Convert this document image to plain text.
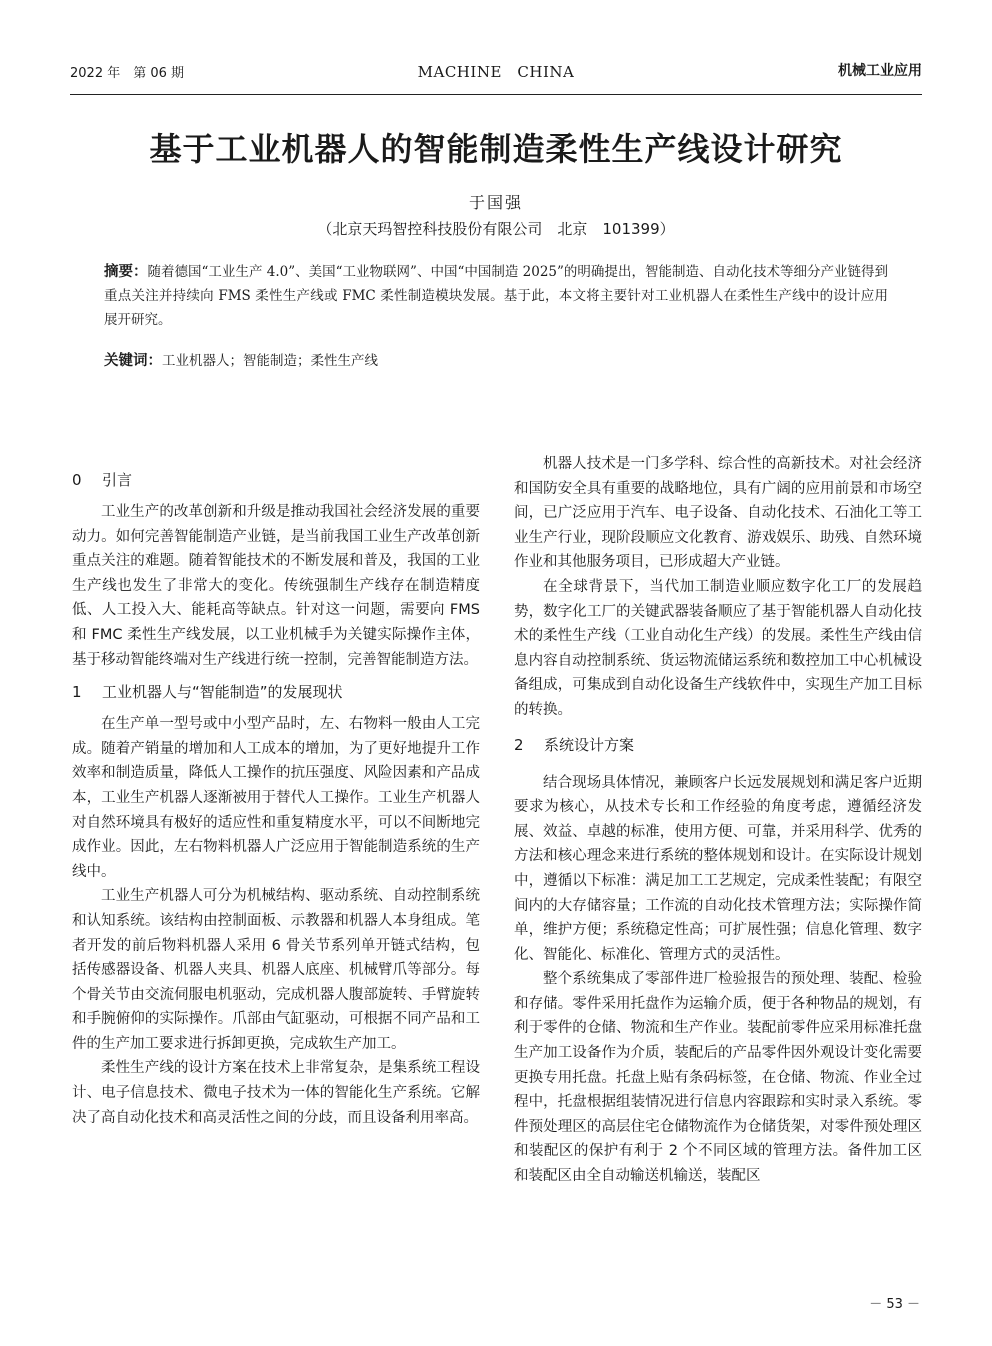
2022 年　第 06 期	MACHINE　CHINA	机械工业应用
基于工业机器人的智能制造柔性生产线设计研究
于国强
（北京天玛智控科技股份有限公司　北京　101399）
摘要：随着德国“工业生产 4.0”、美国“工业物联网”、中国“中国制造 2025”的明确提出，智能制造、自动化技术等细分产业链得到重点关注并持续向 FMS 柔性生产线或 FMC 柔性制造模块发展。基于此，本文将主要针对工业机器人在柔性生产线中的设计应用展开研究。
关键词：工业机器人；智能制造；柔性生产线
0 引言

工业生产的改革创新和升级是推动我国社会经济发展的重要动力。如何完善智能制造产业链，是当前我国工业生产改革创新重点关注的难题。随着智能技术的不断发展和普及，我国的工业生产线也发生了非常大的变化。传统强制生产线存在制造精度低、人工投入大、能耗高等缺点。针对这一问题，需要向 FMS 和 FMC 柔性生产线发展，以工业机械手为关键实际操作主体，基于移动智能终端对生产线进行统一控制，完善智能制造方法。

1 工业机器人与“智能制造”的发展现状

在生产单一型号或中小型产品时，左、右物料一般由人工完成。随着产销量的增加和人工成本的增加，为了更好地提升工作效率和制造质量，降低人工操作的抗压强度、风险因素和产品成本，工业生产机器人逐渐被用于替代人工操作。工业生产机器人对自然环境具有极好的适应性和重复精度水平，可以不间断地完成作业。因此，左右物料机器人广泛应用于智能制造系统的生产线中。

工业生产机器人可分为机械结构、驱动系统、自动控制系统和认知系统。该结构由控制面板、示教器和机器人本身组成。笔者开发的前后物料机器人采用 6 骨关节系列单开链式结构，包括传感器设备、机器人夹具、机器人底座、机械臂爪等部分。每个骨关节由交流伺服电机驱动，完成机器人腹部旋转、手臂旋转和手腕俯仰的实际操作。爪部由气缸驱动，可根据不同产品和工件的生产加工要求进行拆卸更换，完成软生产加工。

柔性生产线的设计方案在技术上非常复杂，是集系统工程设计、电子信息技术、微电子技术为一体的智能化生产系统。它解决了高自动化技术和高灵活性之间的分歧，而且设备利用率高。

机器人技术是一门多学科、综合性的高新技术。对社会经济和国防安全具有重要的战略地位，具有广阔的应用前景和市场空间，已广泛应用于汽车、电子设备、自动化技术、石油化工等工业生产行业，现阶段顺应文化教育、游戏娱乐、助残、自然环境作业和其他服务项目，已形成超大产业链。

在全球背景下，当代加工制造业顺应数字化工厂的发展趋势，数字化工厂的关键武器装备顺应了基于智能机器人自动化技术的柔性生产线（工业自动化生产线）的发展。柔性生产线由信息内容自动控制系统、货运物流储运系统和数控加工中心机械设备组成，可集成到自动化设备生产线软件中，实现生产加工目标的转换。

2 系统设计方案

结合现场具体情况，兼顾客户长远发展规划和满足客户近期要求为核心，从技术专长和工作经验的角度考虑，遵循经济发展、效益、卓越的标准，使用方便、可靠，并采用科学、优秀的方法和核心理念来进行系统的整体规划和设计。在实际设计规划中，遵循以下标准：满足加工工艺规定，完成柔性装配；有限空间内的大存储容量；工作流的自动化技术管理方法；实际操作简单，维护方便；系统稳定性高；可扩展性强；信息化管理、数字化、智能化、标准化、管理方式的灵活性。

整个系统集成了零部件进厂检验报告的预处理、装配、检验和存储。零件采用托盘作为运输介质，便于各种物品的规划，有利于零件的仓储、物流和生产作业。装配前零件应采用标准托盘生产加工设备作为介质，装配后的产品零件因外观设计变化需要更换专用托盘。托盘上贴有条码标签，在仓储、物流、作业全过程中，托盘根据组装情况进行信息内容跟踪和实时录入系统。零件预处理区的高层住宅仓储物流作为仓储货架，对零件预处理区和装配区的保护有利于 2 个不同区域的管理方法。备件加工区和装配区由全自动输送机输送，装配区

－ 53 －
